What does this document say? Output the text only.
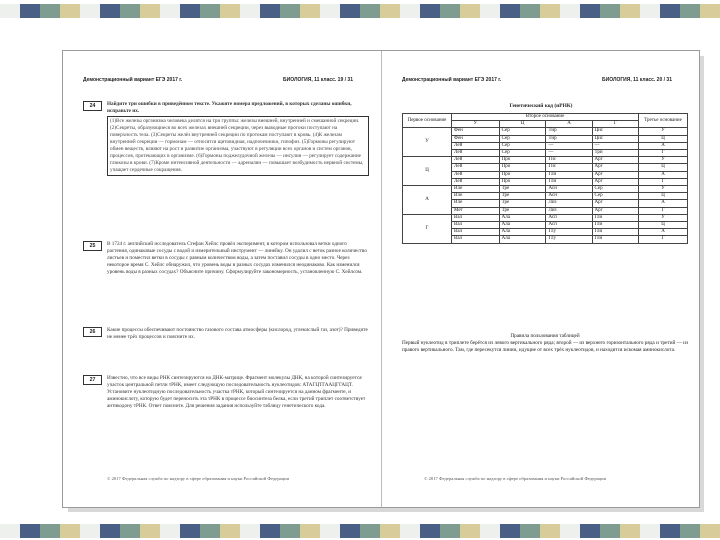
Демонстрационный вариант ЕГЭ 2017 г.	БИОЛОГИЯ, 11 класс. 19 / 31
24	Найдите три ошибки в приведённом тексте. Укажите номера предложений, в которых сделаны ошибки, исправьте их.
(1)Все железы организма человека делятся на три группы: железы внешней, внутренней и смешанной секреции. (2)Секреты, образующиеся во всех железах внешней секреции, через выводные протоки поступают на поверхность тела. (3)Секреты желёз внутренней секреции по протокам поступают в кровь. (4)К железам внутренней секреции — гормонам — относятся щитовидная, надпочечники, гипофиз. (5)Гормоны регулируют обмен веществ, влияют на рост и развитие организма, участвуют в регуляции всех органов и систем органов, процессов, протекающих в организме. (6)Гормоны поджелудочной железы — инсулин — регулирует содержание глюкозы в крови. (7)Кроме интенсивной деятельности — адреналин — повышает возбудимость нервной системы, учащает сердечные сокращения.
25	В 1724 г. английский исследователь Стефан Хейлс провёл эксперимент, в котором использовал ветки одного растения, одинаковые сосуды с водой и измерительный инструмент — линейку. Он удалил с веток разное количество листьев и поместил ветки в сосуды с равным количеством воды, а затем поставил сосуды в одно место. Через некоторое время С. Хейлс обнаружил, что уровень воды в разных сосудах изменился неодинаково. Как изменился уровень воды в разных сосудах? Объясните причину. Сформулируйте закономерность, установленную С. Хейлсом.
26	Какие процессы обеспечивают постоянство газового состава атмосферы (кислород, углекислый газ, азот)? Приведите не менее трёх процессов и поясните их.
27	Известно, что все виды РНК синтезируются на ДНК-матрице. Фрагмент молекулы ДНК, на которой синтезируется участок центральной петли тРНК, имеет следующую последовательность нуклеотидов: АТАГЦТГААЦГГАЦТ. Установите нуклеотидную последовательность участка тРНК, который синтезируется на данном фрагменте, и аминокислоту, которую будет переносить эта тРНК в процессе биосинтеза белка, если третий триплет соответствует антикодону тРНК. Ответ поясните. Для решения задания используйте таблицу генетического кода.
© 2017 Федеральная служба по надзору в сфере образования и науки Российской Федерации
Демонстрационный вариант ЕГЭ 2017 г.	БИОЛОГИЯ, 11 класс. 20 / 31
Генетический код (иРНК)
Первое основание	Второе основание				Третье основание
	У	Ц	А	Г	
У	Фен	Сер	Тир	Цис	У
	Фен	Сер	Тир	Цис	Ц
	Лей	Сер	—	—	А
	Лей	Сер	—	Три	Г
Ц	Лей	Про	Гис	Арг	У
	Лей	Про	Гис	Арг	Ц
	Лей	Про	Глн	Арг	А
	Лей	Про	Глн	Арг	Г
А	Иле	Тре	Асн	Сер	У
	Иле	Тре	Асн	Сер	Ц
	Иле	Тре	Лиз	Арг	А
	Мет	Тре	Лиз	Арг	Г
Г	Вал	Ала	Асп	Гли	У
	Вал	Ала	Асп	Гли	Ц
	Вал	Ала	Глу	Гли	А
	Вал	Ала	Глу	Гли	Г
Правила пользования таблицей
Первый нуклеотид в триплете берётся из левого вертикального ряда; второй — из верхнего горизонтального ряда и третий — из правого вертикального. Там, где пересекутся линии, идущие от всех трёх нуклеотидов, и находится искомая аминокислота.
© 2017 Федеральная служба по надзору в сфере образования и науки Российской Федерации
